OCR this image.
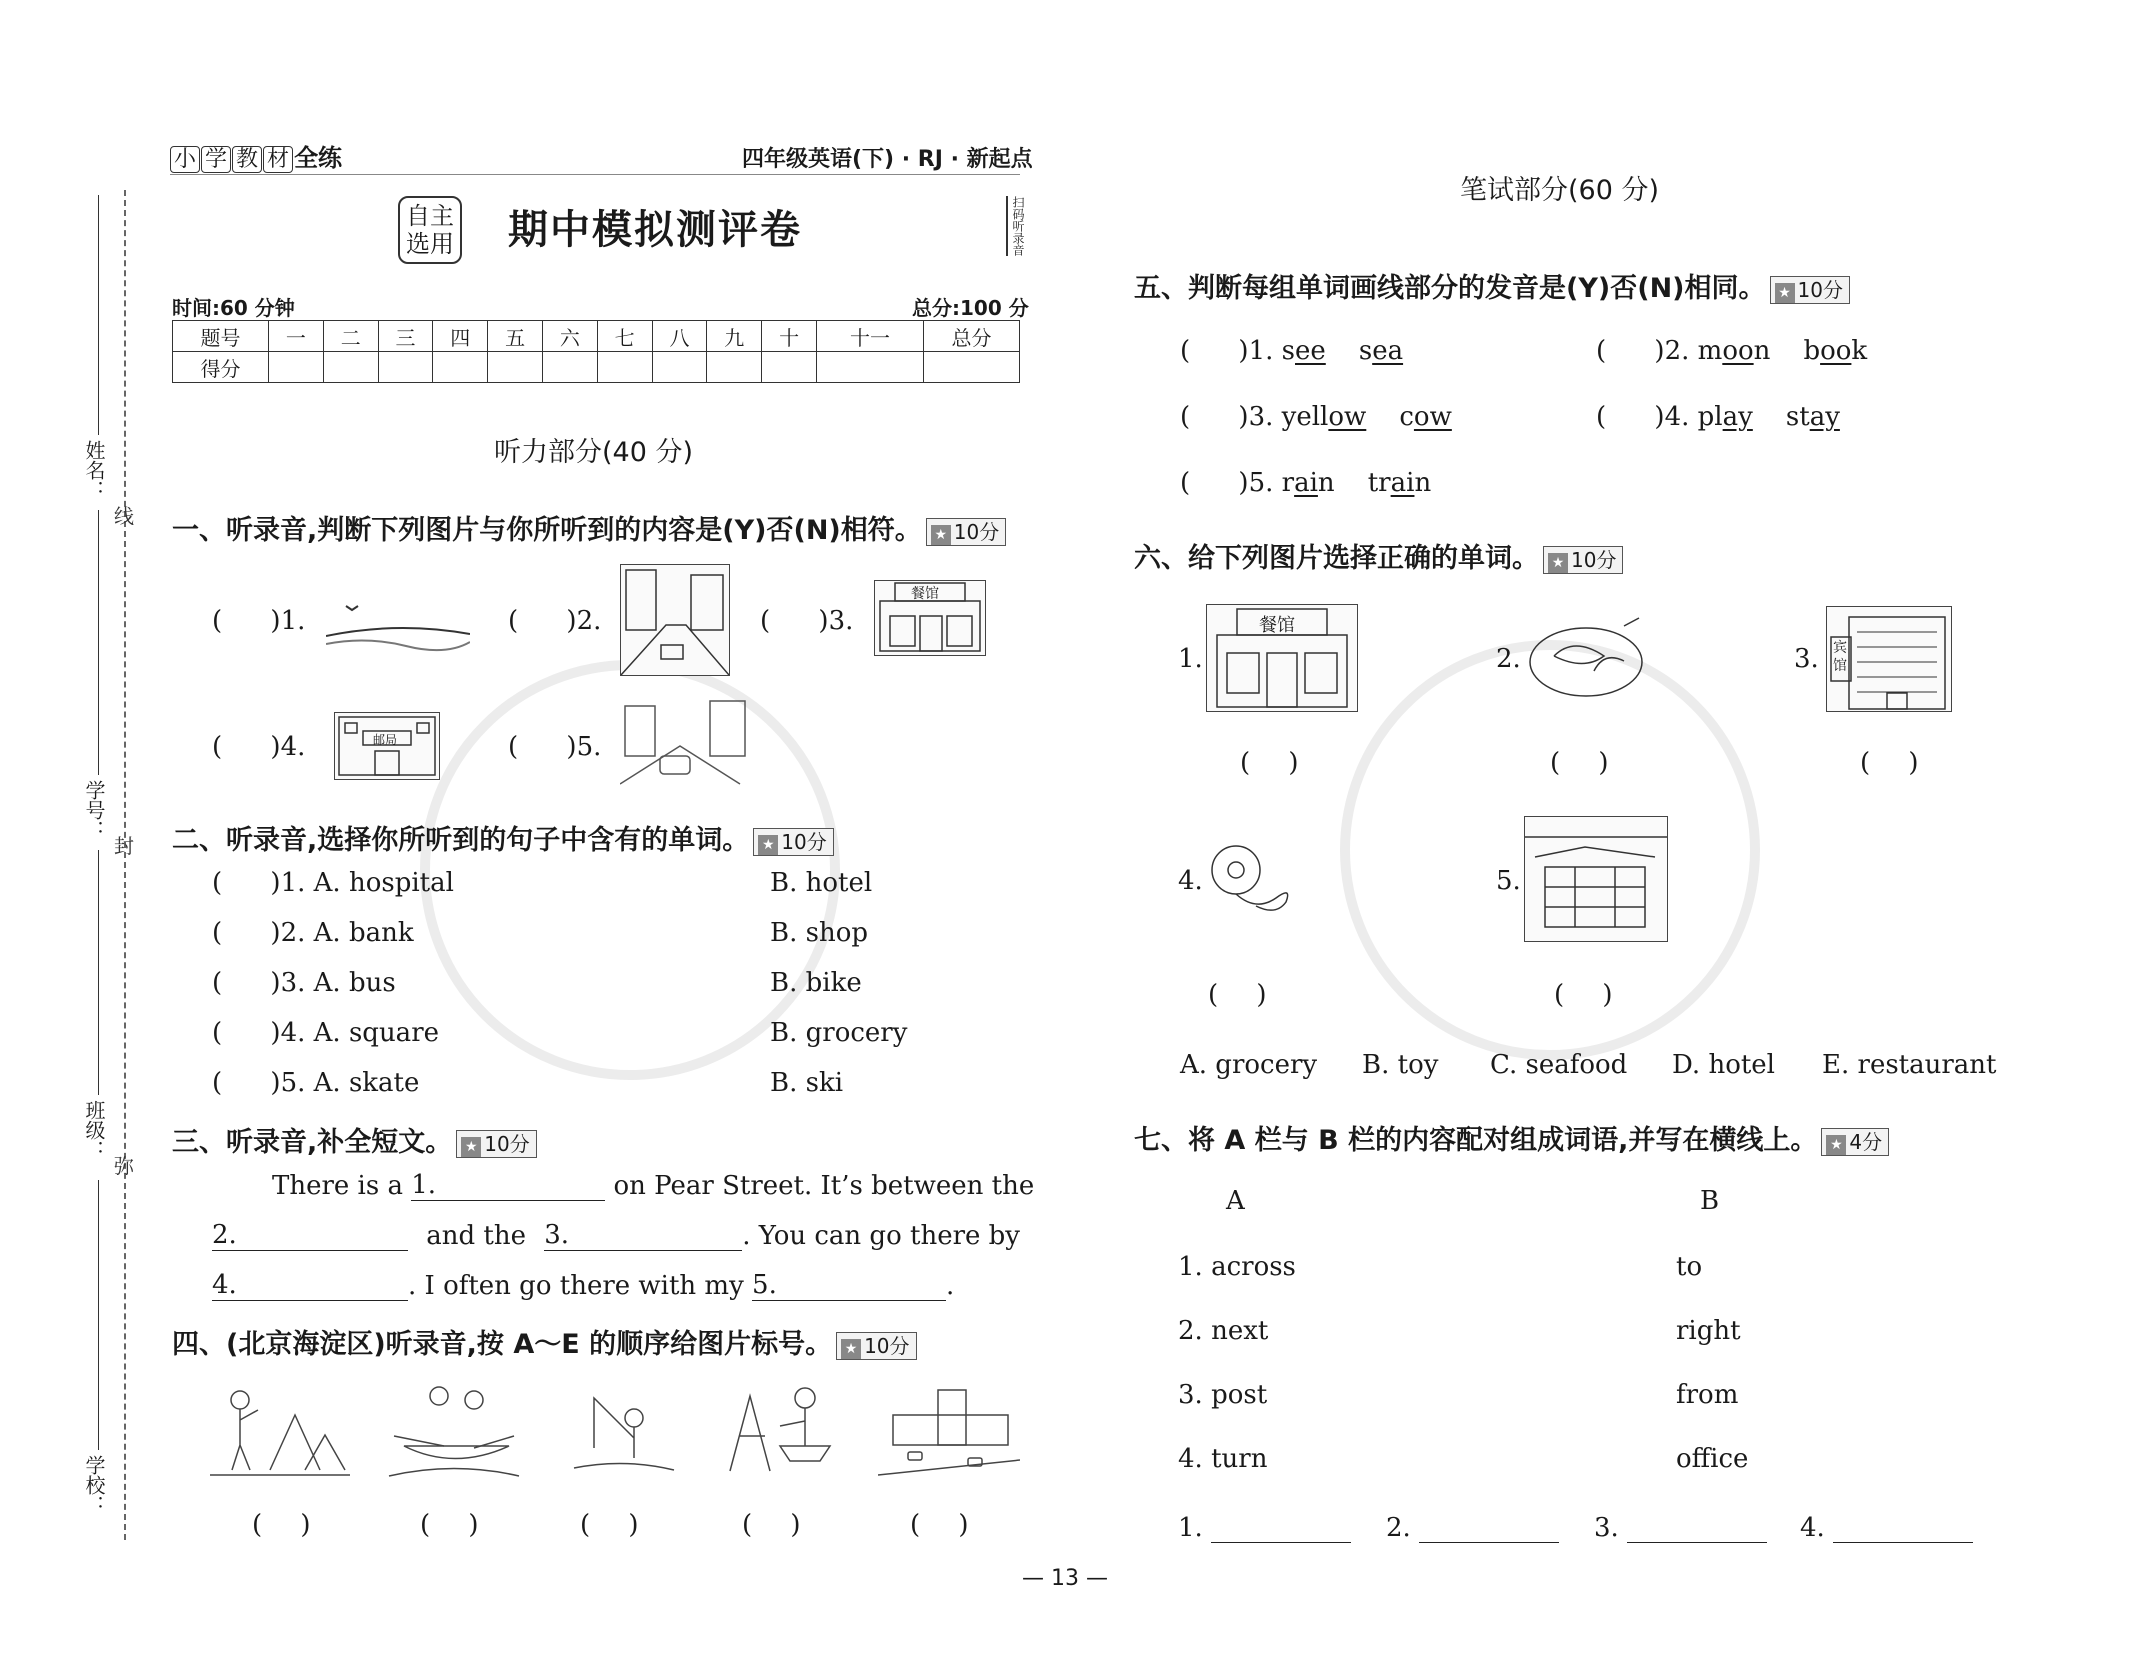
姓名：
学号：
班级：
学校：
线
封
弥
小 学 教 材 全练	四年级英语(下) · RJ · 新起点
自主
选用 期中模拟测评卷	扫码听录音
时间:60 分钟	总分:100 分
题号	一	二	三	四	五	六	七	八	九	十	十一	总分
得分												
听力部分(40 分)
一、听录音,判断下列图片与你所听到的内容是(Y)否(N)相符。 ★ 10分
( )1.	( )2.	( )3.
餐馆
( )4.	邮局	( )5.
二、听录音,选择你所听到的句子中含有的单词。 ★ 10分
( )1. A. hospital	B. hotel
( )2. A. bank	B. shop
( )3. A. bus	B. bike
( )4. A. square	B. grocery
( )5. A. skate	B. ski
三、听录音,补全短文。 ★ 10分
There is a 1.	on Pear Street. It’s between the
2.	and the 3.	. You can go there by
4.	. I often go there with my 5.	.
四、(北京海淀区)听录音,按 A～E 的顺序给图片标号。 ★ 10分
( )	( )	( )	( )	( )
笔试部分(60 分)
五、判断每组单词画线部分的发音是(Y)否(N)相同。 ★ 10分
( )1. see sea	( )2. moon book
( )3. yellow cow	( )4. play stay
( )5. rain train
六、给下列图片选择正确的单词。 ★ 10分
1.
餐馆
2.	3. 宾馆
( )	( )	( )
4.	5.
( )	( )
A. grocery B. toy C. seafood D. hotel E. restaurant
七、将 A 栏与 B 栏的内容配对组成词语,并写在横线上。 ★ 4分
A	B
1. across	to
2. next	right
3. post	from
4. turn	office
1.	2.	3.	4.
— 13 —
